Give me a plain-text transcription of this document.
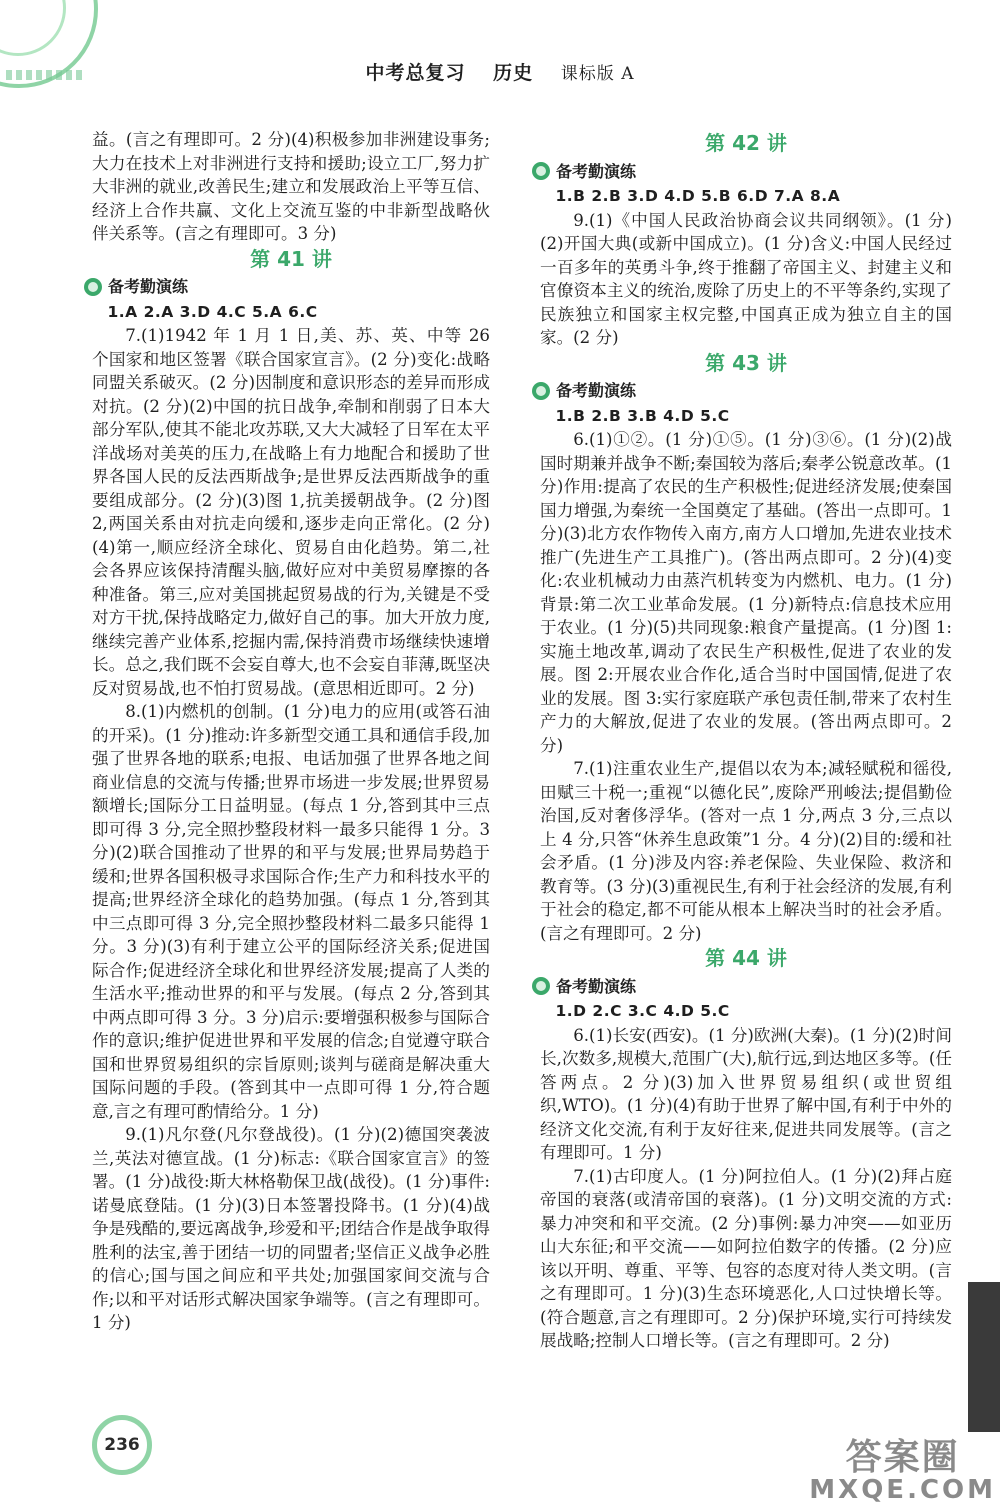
中考总复习 历史 课标版 A

益。(言之有理即可。2 分)(4)积极参加非洲建设事务;大力在技术上对非洲进行支持和援助;设立工厂,努力扩大非洲的就业,改善民生;建立和发展政治上平等互信、经济上合作共赢、文化上交流互鉴的中非新型战略伙伴关系等。(言之有理即可。3 分)

第 41 讲
备考勤演练

1.A 2.A 3.D 4.C 5.A 6.C

7.(1)1942 年 1 月 1 日,美、苏、英、中等 26 个国家和地区签署《联合国家宣言》。(2 分)变化:战略同盟关系破灭。(2 分)因制度和意识形态的差异而形成对抗。(2 分)(2)中国的抗日战争,牵制和削弱了日本大部分军队,使其不能北攻苏联,又大大减轻了日军在太平洋战场对美英的压力,在战略上有力地配合和援助了世界各国人民的反法西斯战争;是世界反法西斯战争的重要组成部分。(2 分)(3)图 1,抗美援朝战争。(2 分)图 2,两国关系由对抗走向缓和,逐步走向正常化。(2 分)(4)第一,顺应经济全球化、贸易自由化趋势。第二,社会各界应该保持清醒头脑,做好应对中美贸易摩擦的各种准备。第三,应对美国挑起贸易战的行为,关键是不受对方干扰,保持战略定力,做好自己的事。加大开放力度,继续完善产业体系,挖掘内需,保持消费市场继续快速增长。总之,我们既不会妄自尊大,也不会妄自菲薄,既坚决反对贸易战,也不怕打贸易战。(意思相近即可。2 分)

8.(1)内燃机的创制。(1 分)电力的应用(或答石油的开采)。(1 分)推动:许多新型交通工具和通信手段,加强了世界各地的联系;电报、电话加强了世界各地之间商业信息的交流与传播;世界市场进一步发展;世界贸易额增长;国际分工日益明显。(每点 1 分,答到其中三点即可得 3 分,完全照抄整段材料一最多只能得 1 分。3 分)(2)联合国推动了世界的和平与发展;世界局势趋于缓和;世界各国积极寻求国际合作;生产力和科技水平的提高;世界经济全球化的趋势加强。(每点 1 分,答到其中三点即可得 3 分,完全照抄整段材料二最多只能得 1 分。3 分)(3)有利于建立公平的国际经济关系;促进国际合作;促进经济全球化和世界经济发展;提高了人类的生活水平;推动世界的和平与发展。(每点 2 分,答到其中两点即可得 3 分。3 分)启示:要增强积极参与国际合作的意识;维护促进世界和平发展的信念;自觉遵守联合国和世界贸易组织的宗旨原则;谈判与磋商是解决重大国际问题的手段。(答到其中一点即可得 1 分,符合题意,言之有理可酌情给分。1 分)

9.(1)凡尔登(凡尔登战役)。(1 分)(2)德国突袭波兰,英法对德宣战。(1 分)标志:《联合国家宣言》的签署。(1 分)战役:斯大林格勒保卫战(战役)。(1 分)事件:诺曼底登陆。(1 分)(3)日本签署投降书。(1 分)(4)战争是残酷的,要远离战争,珍爱和平;团结合作是战争取得胜利的法宝,善于团结一切的同盟者;坚信正义战争必胜的信心;国与国之间应和平共处;加强国家间交流与合作;以和平对话形式解决国家争端等。(言之有理即可。1 分)

第 42 讲
备考勤演练

1.B 2.B 3.D 4.D 5.B 6.D 7.A 8.A

9.(1)《中国人民政治协商会议共同纲领》。(1 分)(2)开国大典(或新中国成立)。(1 分)含义:中国人民经过一百多年的英勇斗争,终于推翻了帝国主义、封建主义和官僚资本主义的统治,废除了历史上的不平等条约,实现了民族独立和国家主权完整,中国真正成为独立自主的国家。(2 分)

第 43 讲
备考勤演练

1.B 2.B 3.B 4.D 5.C

6.(1)①②。(1 分)①⑤。(1 分)③⑥。(1 分)(2)战国时期兼并战争不断;秦国较为落后;秦孝公锐意改革。(1 分)作用:提高了农民的生产积极性;促进经济发展;使秦国国力增强,为秦统一全国奠定了基础。(答出一点即可。1 分)(3)北方农作物传入南方,南方人口增加,先进农业技术推广(先进生产工具推广)。(答出两点即可。2 分)(4)变化:农业机械动力由蒸汽机转变为内燃机、电力。(1 分)背景:第二次工业革命发展。(1 分)新特点:信息技术应用于农业。(1 分)(5)共同现象:粮食产量提高。(1 分)图 1:实施土地改革,调动了农民生产积极性,促进了农业的发展。图 2:开展农业合作化,适合当时中国国情,促进了农业的发展。图 3:实行家庭联产承包责任制,带来了农村生产力的大解放,促进了农业的发展。(答出两点即可。2 分)

7.(1)注重农业生产,提倡以农为本;减轻赋税和徭役,田赋三十税一;重视“以德化民”,废除严刑峻法;提倡勤俭治国,反对奢侈浮华。(答对一点 1 分,两点 3 分,三点以上 4 分,只答“休养生息政策”1 分。4 分)(2)目的:缓和社会矛盾。(1 分)涉及内容:养老保险、失业保险、救济和教育等。(3 分)(3)重视民生,有利于社会经济的发展,有利于社会的稳定,都不可能从根本上解决当时的社会矛盾。(言之有理即可。2 分)

第 44 讲
备考勤演练

1.D 2.C 3.C 4.D 5.C

6.(1)长安(西安)。(1 分)欧洲(大秦)。(1 分)(2)时间长,次数多,规模大,范围广(大),航行远,到达地区多等。(任答两点。2 分)(3)加入世界贸易组织(或世贸组织,WTO)。(1 分)(4)有助于世界了解中国,有利于中外的经济文化交流,有利于友好往来,促进共同发展等。(言之有理即可。1 分)

7.(1)古印度人。(1 分)阿拉伯人。(1 分)(2)拜占庭帝国的衰落(或清帝国的衰落)。(1 分)文明交流的方式:暴力冲突和和平交流。(2 分)事例:暴力冲突——如亚历山大东征;和平交流——如阿拉伯数字的传播。(2 分)应该以开明、尊重、平等、包容的态度对待人类文明。(言之有理即可。1 分)(3)生态环境恶化,人口过快增长等。(符合题意,言之有理即可。2 分)保护环境,实行可持续发展战略;控制人口增长等。(言之有理即可。2 分)

236	答案圈
MXQE.COM
